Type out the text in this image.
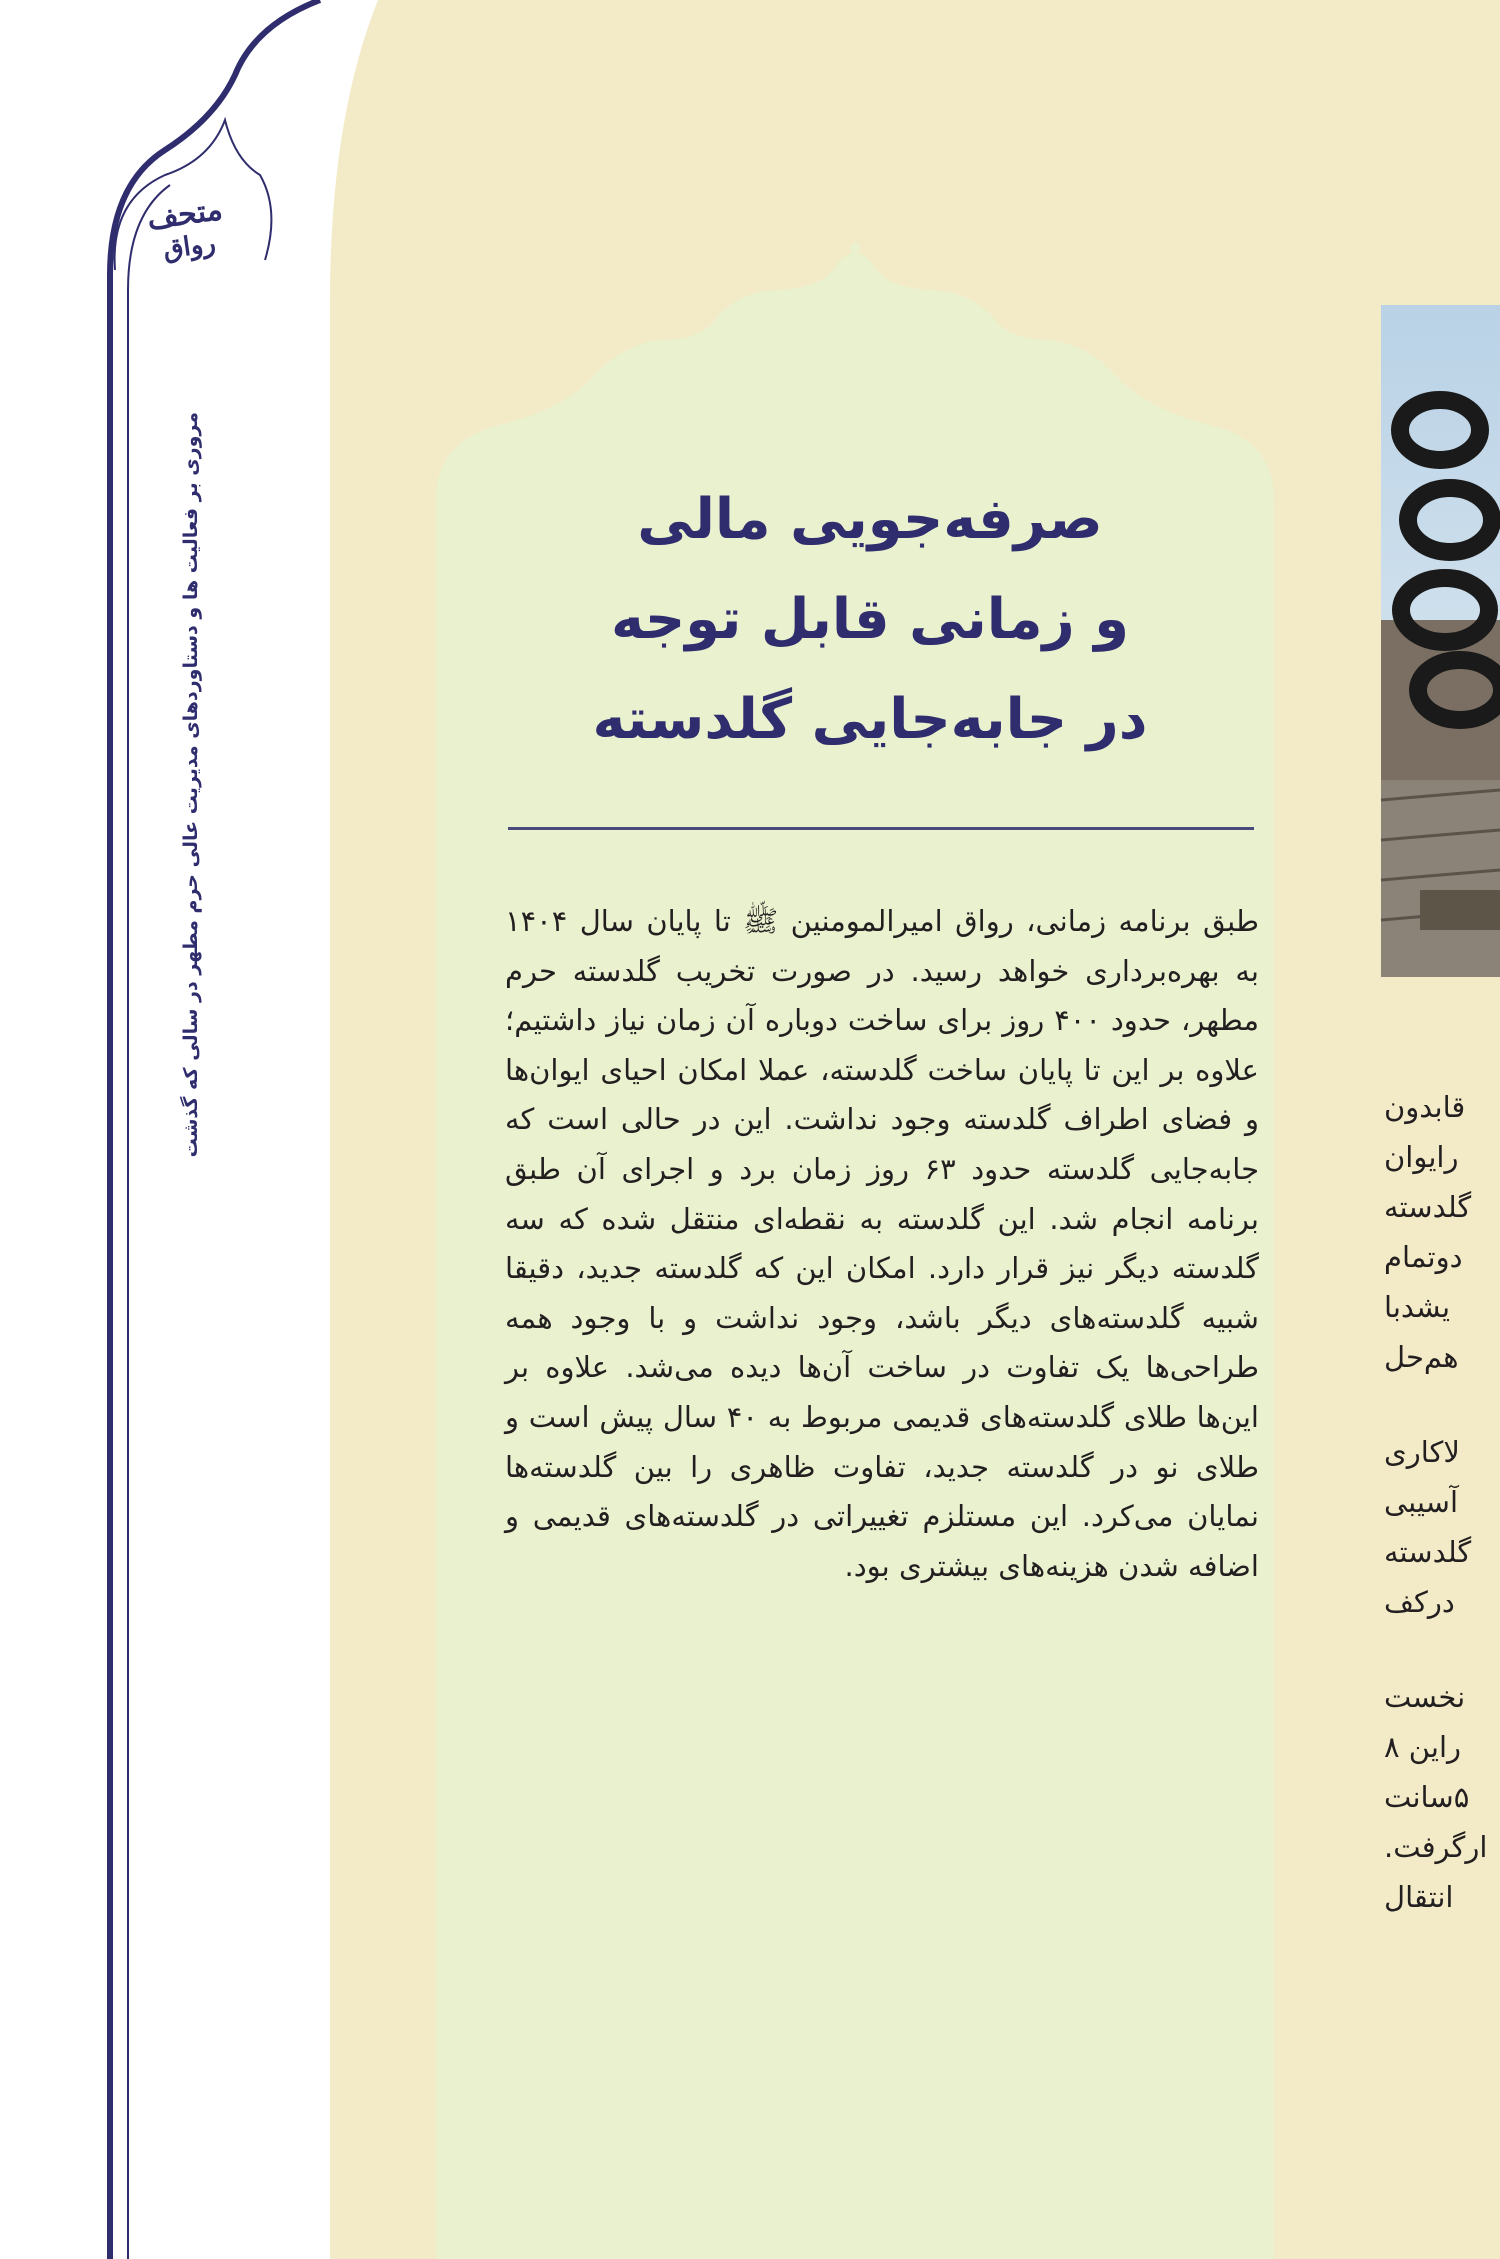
متحف
رواق
مروری بر فعالیت ها و دستاوردهای مدیریت عالی حرم مطهر در سالی که گذشت	صرفه‌جویی مالی
و زمانی قابل توجه
در جابه‌جایی گلدسته

طبق برنامه زمانی، رواق امیرالمومنین ﷺ تا پایان سال ۱۴۰۴ به بهره‌برداری خواهد رسید. در صورت تخریب گلدسته حرم مطهر، حدود ۴۰۰ روز برای ساخت دوباره آن زمان نیاز داشتیم؛ علاوه بر این تا پایان ساخت گلدسته، عملا امکان احیای ایوان‌ها و فضای اطراف گلدسته وجود نداشت. این در حالی است که جابه‌جایی گلدسته حدود ۶۳ روز زمان برد و اجرای آن طبق برنامه انجام شد. این گلدسته به نقطه‌ای منتقل شده که سه گلدسته دیگر نیز قرار دارد. امکان این که گلدسته جدید، دقیقا شبیه گلدسته‌های دیگر باشد، وجود نداشت و با وجود همه طراحی‌ها یک تفاوت در ساخت آن‌ها دیده می‌شد. علاوه بر این‌ها طلای گلدسته‌های قدیمی مربوط به ۴۰ سال پیش است و طلای نو در گلدسته جدید، تفاوت ظاهری را بین گلدسته‌ها نمایان می‌کرد. این مستلزم تغییراتی در گلدسته‌های قدیمی و اضافه شدن هزینه‌های بیشتری بود.

قابدون
رایوان
گلدسته
دوتمام
یشدبا
هم‌حل
لاکاری
آسیبی
گلدسته
درکف
نخست
راین ۸
۵سانت
ارگرفت.
انتقال
